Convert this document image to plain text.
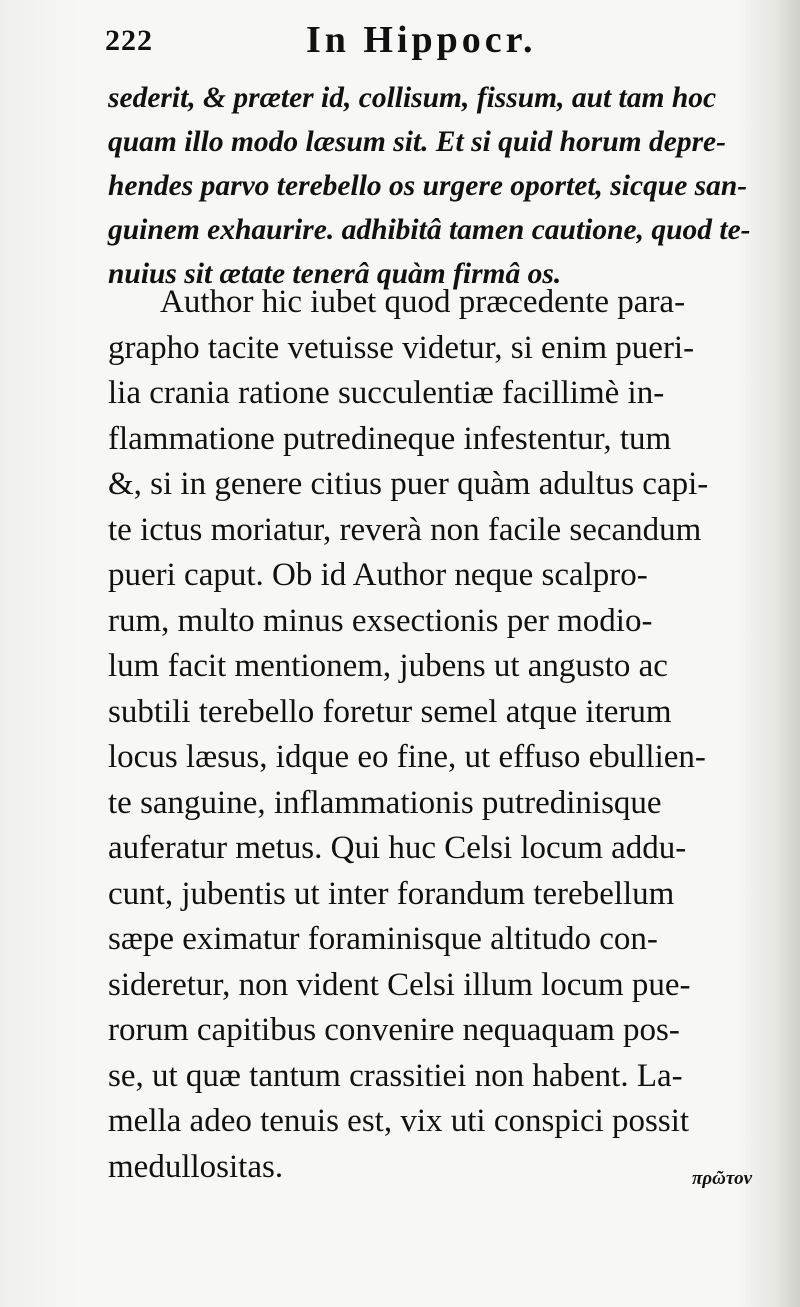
222	In Hippocr.
sederit, & præter id, collisum, fissum, aut tam hoc
quam illo modo læsum sit. Et si quid horum depre-
hendes parvo terebello os urgere oportet, sicque san-
guinem exhaurire. adhibitâ tamen cautione, quod te-
nuius sit ætate tenerâ quàm firmâ os.
Author hic iubet quod præcedente para-
grapho tacite vetuisse videtur, si enim pueri-
lia crania ratione succulentiæ facillimè in-
flammatione putredineque infestentur, tum
&, si in genere citius puer quàm adultus capi-
te ictus moriatur, reverà non facile secandum
pueri caput. Ob id Author neque scalpro-
rum, multo minus exsectionis per modio-
lum facit mentionem, jubens ut angusto ac
subtili terebello foretur semel atque iterum
locus læsus, idque eo fine, ut effuso ebullien-
te sanguine, inflammationis putredinisque
auferatur metus. Qui huc Celsi locum addu-
cunt, jubentis ut inter forandum terebellum
sæpe eximatur foraminisque altitudo con-
sideretur, non vident Celsi illum locum pue-
rorum capitibus convenire nequaquam pos-
se, ut quæ tantum crassitiei non habent. La-
mella adeo tenuis est, vix uti conspici possit
medullositas.	πρῶτον
